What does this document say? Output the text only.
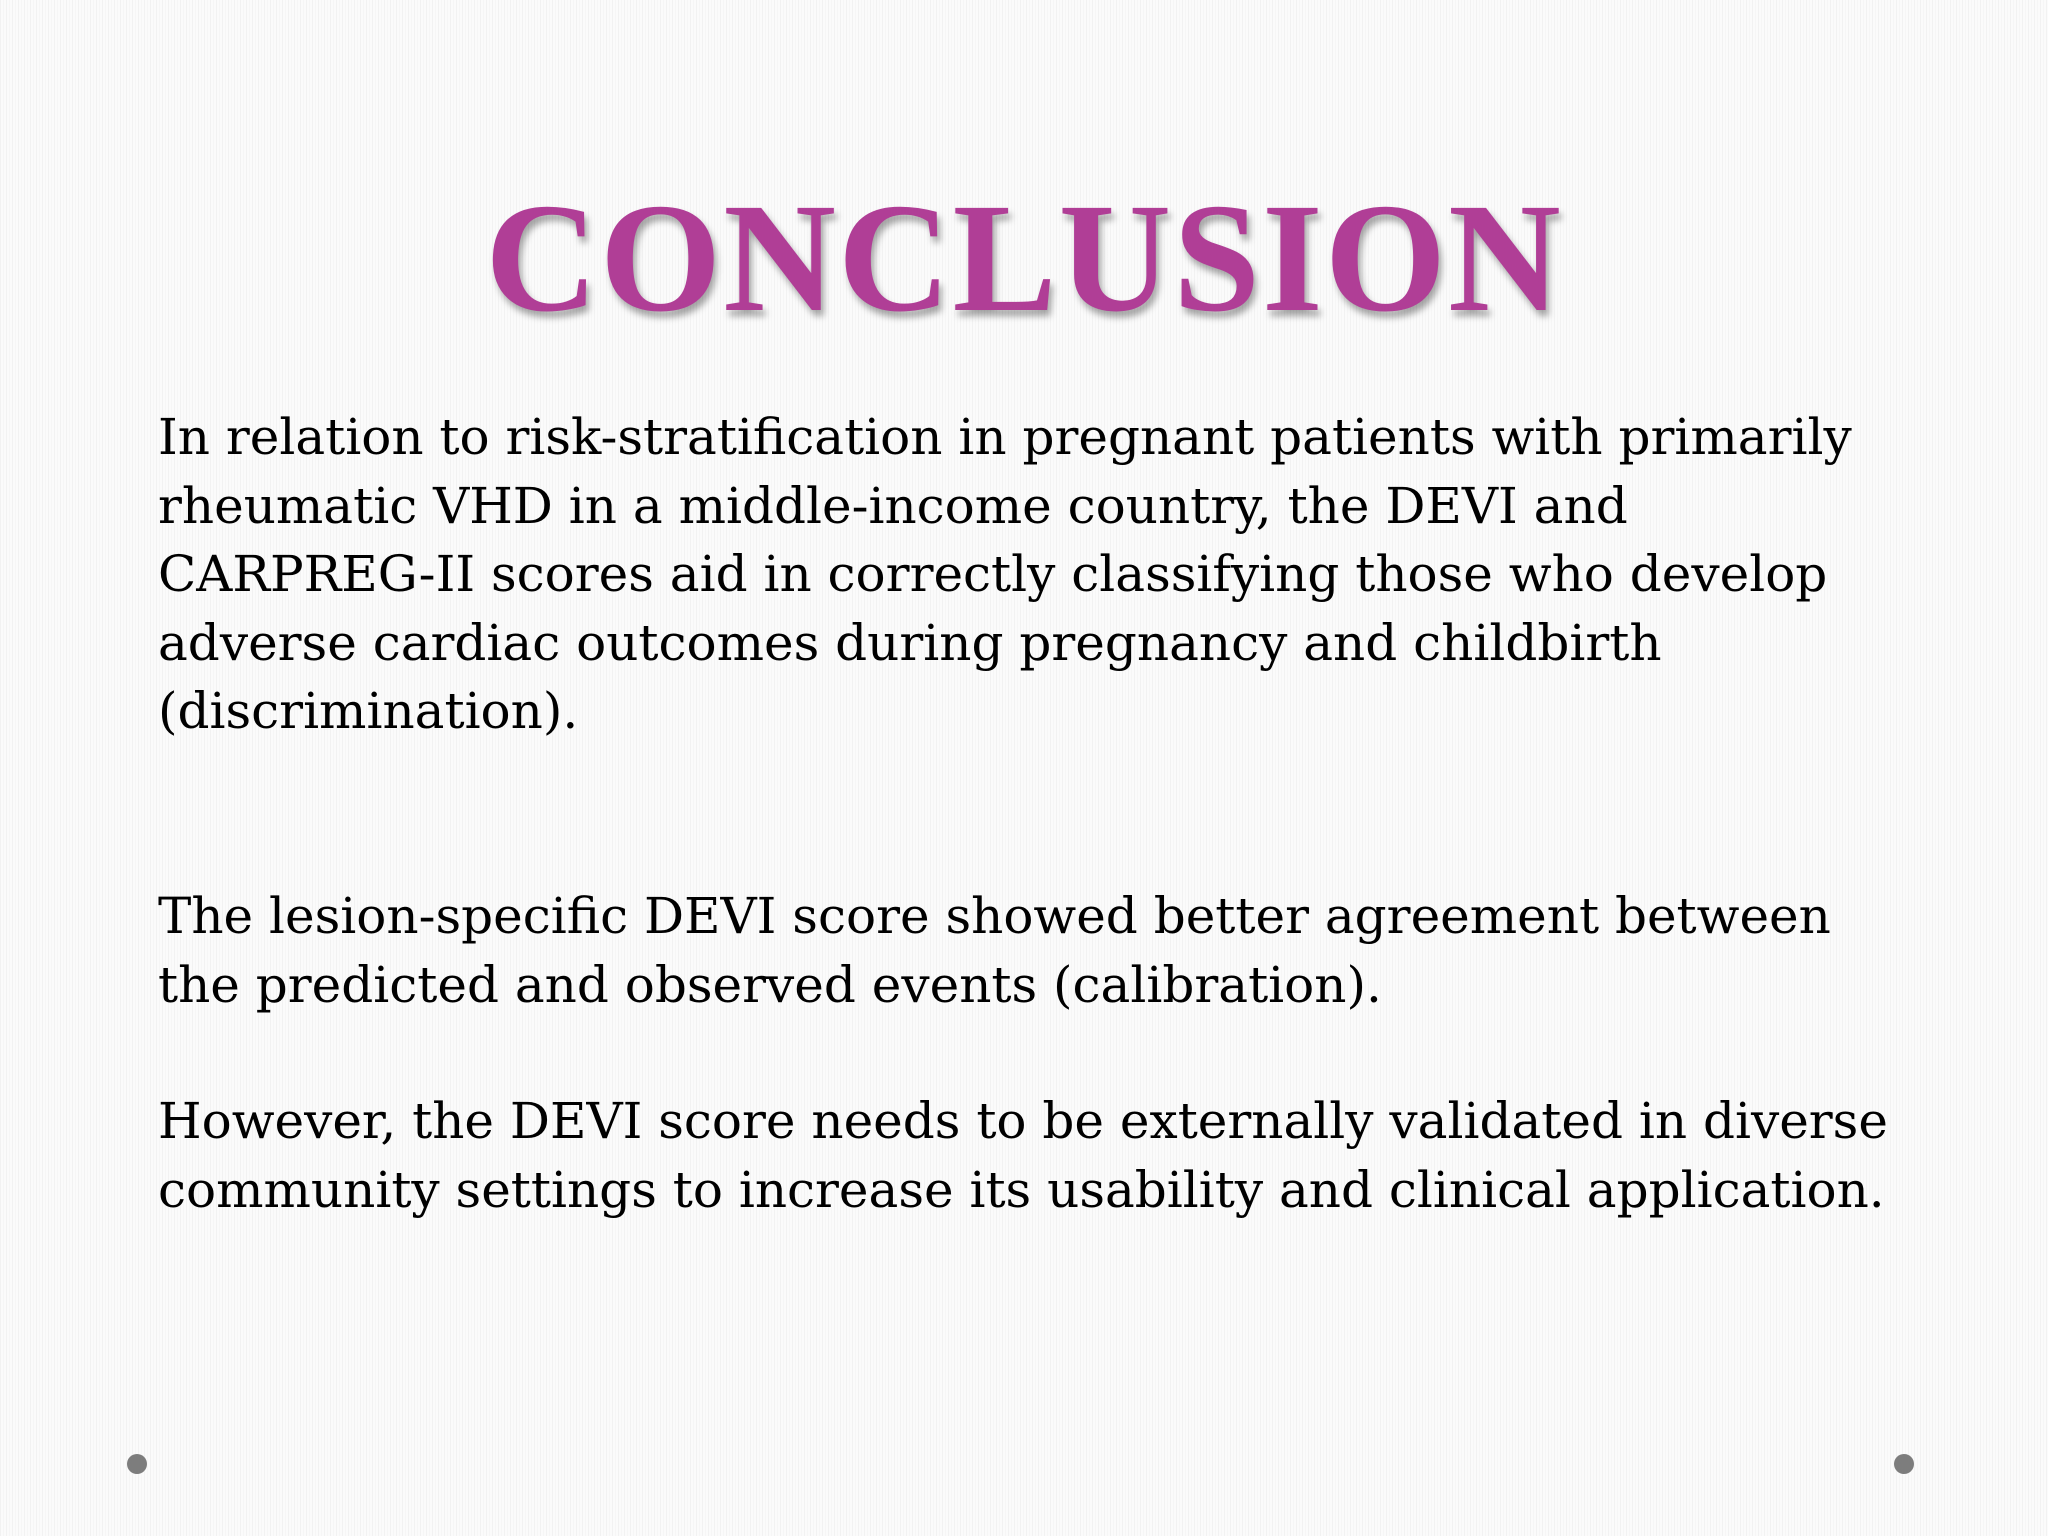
CONCLUSION

In relation to risk-stratification in pregnant patients with primarily rheumatic VHD in a middle-income country, the DEVI and CARPREG-II scores aid in correctly classifying those who develop adverse cardiac outcomes during pregnancy and childbirth (discrimination).

The lesion-specific DEVI score showed better agreement between the predicted and observed events (calibration).

However, the DEVI score needs to be externally validated in diverse community settings to increase its usability and clinical application.
